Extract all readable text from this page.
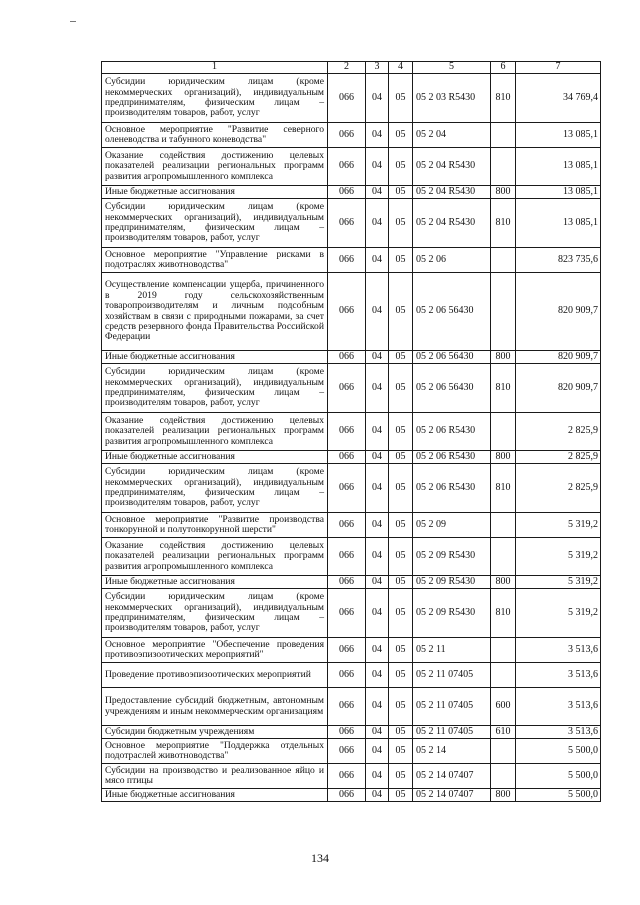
1	2	3	4	5	6	7
Субсидии юридическим лицам (кроме некоммерческих организаций), индивидуальным предпринимателям, физическим лицам – производителям товаров, работ, услуг	066	04	05	05 2 03 R5430	810	34 769,4
Основное мероприятие "Развитие северного оленеводства и табунного коневодства"	066	04	05	05 2 04		13 085,1
Оказание содействия достижению целевых показателей реализации региональных программ развития агропромышленного комплекса	066	04	05	05 2 04 R5430		13 085,1
Иные бюджетные ассигнования	066	04	05	05 2 04 R5430	800	13 085,1
Субсидии юридическим лицам (кроме некоммерческих организаций), индивидуальным предпринимателям, физическим лицам – производителям товаров, работ, услуг	066	04	05	05 2 04 R5430	810	13 085,1
Основное мероприятие "Управление рисками в подотраслях животноводства"	066	04	05	05 2 06		823 735,6
Осуществление компенсации ущерба, причиненного в 2019 году сельскохозяйственным товаропроизводителям и личным подсобным хозяйствам в связи с природными пожарами, за счет средств резервного фонда Правительства Российской Федерации	066	04	05	05 2 06 56430		820 909,7
Иные бюджетные ассигнования	066	04	05	05 2 06 56430	800	820 909,7
Субсидии юридическим лицам (кроме некоммерческих организаций), индивидуальным предпринимателям, физическим лицам – производителям товаров, работ, услуг	066	04	05	05 2 06 56430	810	820 909,7
Оказание содействия достижению целевых показателей реализации региональных программ развития агропромышленного комплекса	066	04	05	05 2 06 R5430		2 825,9
Иные бюджетные ассигнования	066	04	05	05 2 06 R5430	800	2 825,9
Субсидии юридическим лицам (кроме некоммерческих организаций), индивидуальным предпринимателям, физическим лицам – производителям товаров, работ, услуг	066	04	05	05 2 06 R5430	810	2 825,9
Основное мероприятие "Развитие производства тонкорунной и полутонкорунной шерсти"	066	04	05	05 2 09		5 319,2
Оказание содействия достижению целевых показателей реализации региональных программ развития агропромышленного комплекса	066	04	05	05 2 09 R5430		5 319,2
Иные бюджетные ассигнования	066	04	05	05 2 09 R5430	800	5 319,2
Субсидии юридическим лицам (кроме некоммерческих организаций), индивидуальным предпринимателям, физическим лицам – производителям товаров, работ, услуг	066	04	05	05 2 09 R5430	810	5 319,2
Основное мероприятие "Обеспечение проведения противоэпизоотических мероприятий"	066	04	05	05 2 11		3 513,6
Проведение противоэпизоотических мероприятий	066	04	05	05 2 11 07405		3 513,6
Предоставление субсидий бюджетным, автономным учреждениям и иным некоммерческим организациям	066	04	05	05 2 11 07405	600	3 513,6
Субсидии бюджетным учреждениям	066	04	05	05 2 11 07405	610	3 513,6
Основное мероприятие "Поддержка отдельных подотраслей животноводства"	066	04	05	05 2 14		5 500,0
Субсидии на производство и реализованное яйцо и мясо птицы	066	04	05	05 2 14 07407		5 500,0
Иные бюджетные ассигнования	066	04	05	05 2 14 07407	800	5 500,0
134
